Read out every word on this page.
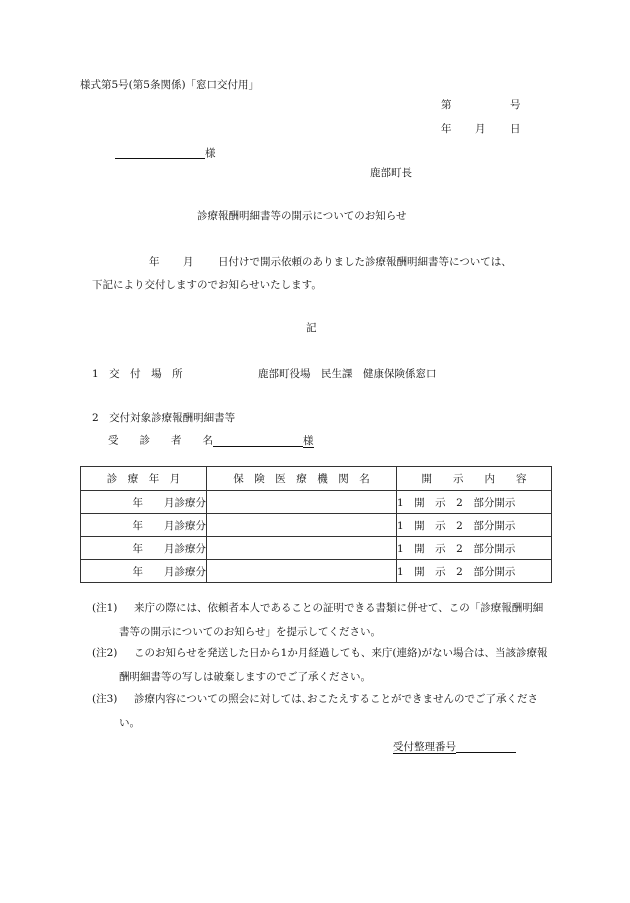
様式第5号(第5条関係)「窓口交付用」
第	号
年 月 日
様
鹿部町長
診療報酬明細書等の開示についてのお知らせ
年 月 日付けで開示依頼のありました診療報酬明細書等については、
下記により交付しますのでお知らせいたします。
記
1　交　付　場　所	鹿部町役場　民生課　健康保険係窓口
2　交付対象診療報酬明細書等
受　　診　　者　　名	様
診　療　年　月	保　険　医　療　機　関　名	開　　示　　内　　容
年　　月診療分		1　開　示　2　部分開示
年　　月診療分		1　開　示　2　部分開示
年　　月診療分		1　開　示　2　部分開示
年　　月診療分		1　開　示　2　部分開示
(注1)	来庁の際には、依頼者本人であることの証明できる書類に併せて、この「診療報酬明細書等の開示についてのお知らせ」を提示してください。
(注2)	このお知らせを発送した日から1か月経過しても、来庁(連絡)がない場合は、当該診療報酬明細書等の写しは破棄しますのでご了承ください。
(注3)	診療内容についての照会に対しては､おこたえすることができませんのでご了承ください。
受付整理番号
